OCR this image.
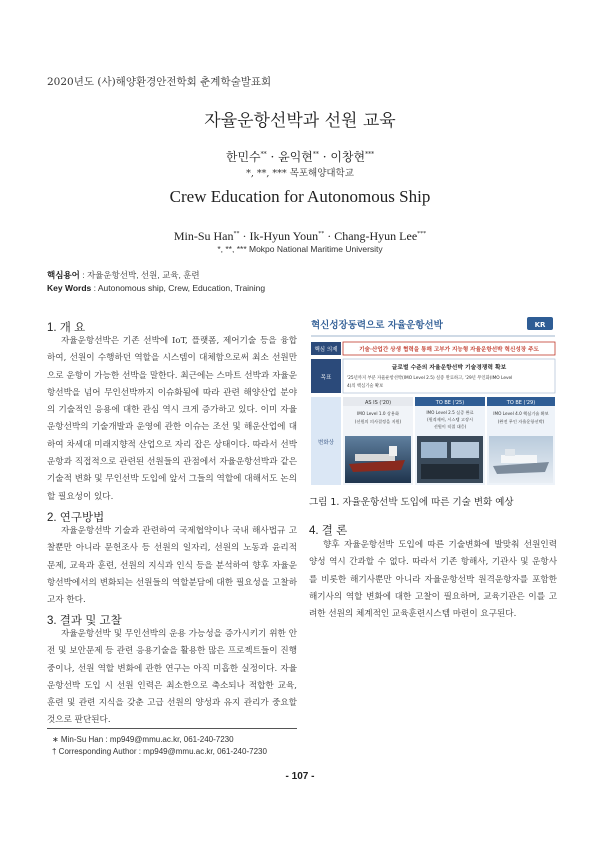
2020년도 (사)해양환경안전학회 춘계학술발표회
자율운항선박과 선원 교육
한민수** · 윤익현** · 이창현***
*, **, *** 목포해양대학교
Crew Education for Autonomous Ship
Min-Su Han** · Ik-Hyun Youn** · Chang-Hyun Lee***
*, **, *** Mokpo National Maritime University
핵심용어 : 자율운항선박, 선원, 교육, 훈련
Key Words : Autonomous ship, Crew, Education, Training
1. 개 요

자율운항선박은 기존 선박에 IoT, 플랫폼, 제어기술 등을 융합하여, 선원이 수행하던 역할을 시스템이 대체함으로써 최소 선원만으로 운항이 가능한 선박을 말한다. 최근에는 스마트 선박과 자율운항선박을 넘어 무인선박까지 이슈화됨에 따라 관련 해양산업 분야의 기술적인 응용에 대한 관심 역시 크게 증가하고 있다. 이미 자율운항선박의 기술개발과 운영에 관한 이슈는 조선 및 해운산업에 대하여 차세대 미래지향적 산업으로 자리 잡은 상태이다. 따라서 선박운항과 직접적으로 관련된 선원들의 관점에서 자율운항선박과 같은 기술적 변화 및 무인선박 도입에 앞서 그들의 역할에 대해서도 논의할 필요성이 있다.

2. 연구방법

자율운항선박 기술과 관련하여 국제협약이나 국내 해사법규 고찰뿐만 아니라 문헌조사 등 선원의 일자리, 선원의 노동과 윤리적 문제, 교육과 훈련, 선원의 지식과 인식 등을 분석하여 향후 자율운항선박에서의 변화되는 선원들의 역할분담에 대한 필요성을 고찰하고자 한다.

3. 결과 및 고찰

자율운항선박 및 무인선박의 운용 가능성을 증가시키기 위한 안전 및 보안문제 등 관련 응용기술을 활용한 많은 프로젝트들이 진행 중이나, 선원 역할 변화에 관한 연구는 아직 미흡한 실정이다. 자율운항선박 도입 시 선원 인력은 최소한으로 축소되나 적합한 교육, 훈련 및 관련 지식을 갖춘 고급 선원의 양성과 유지 관리가 중요할 것으로 판단된다.

혁신성장동력으로 자율운항선박	KR
핵심 의제	기술·산업간 상생 협력을 통해 고부가 지능형 자율운항선박 혁신성장 주도
목표
글로벌 수준의 자율운항선박 기술경쟁력 확보
'25년까지 부분 자율운항선박(IMO Level 2.5) 실증 완료하고, '29년 무인화(IMO Level
4)의 핵심기술 확보
변화상
AS IS ('20)
IMO Level 1.0 상용화
(선원의 의사결정을 지원)
TO BE ('25)
IMO Level 2.5 실증 완료
(원격제어, 시스템 고장시
선원이 직접 대응)
TO BE ('29)
IMO Level 4.0 핵심기술 확보
(완전 무인 자율운항선박)
그림 1. 자율운항선박 도입에 따른 기술 변화 예상
4. 결 론

향후 자율운항선박 도입에 따른 기술변화에 발맞춰 선원인력 양성 역시 간과할 수 없다. 따라서 기존 항해사, 기관사 및 운항사를 비롯한 해기사뿐만 아니라 자율운항선박 원격운항자를 포함한 해기사의 역할 변화에 대한 고찰이 필요하며, 교육기관은 이를 고려한 선원의 체계적인 교육훈련시스템 마련이 요구된다.

∗ Min-Su Han : mp949@mmu.ac.kr, 061-240-7230
† Corresponding Author : mp949@mmu.ac.kr, 061-240-7230
- 107 -
